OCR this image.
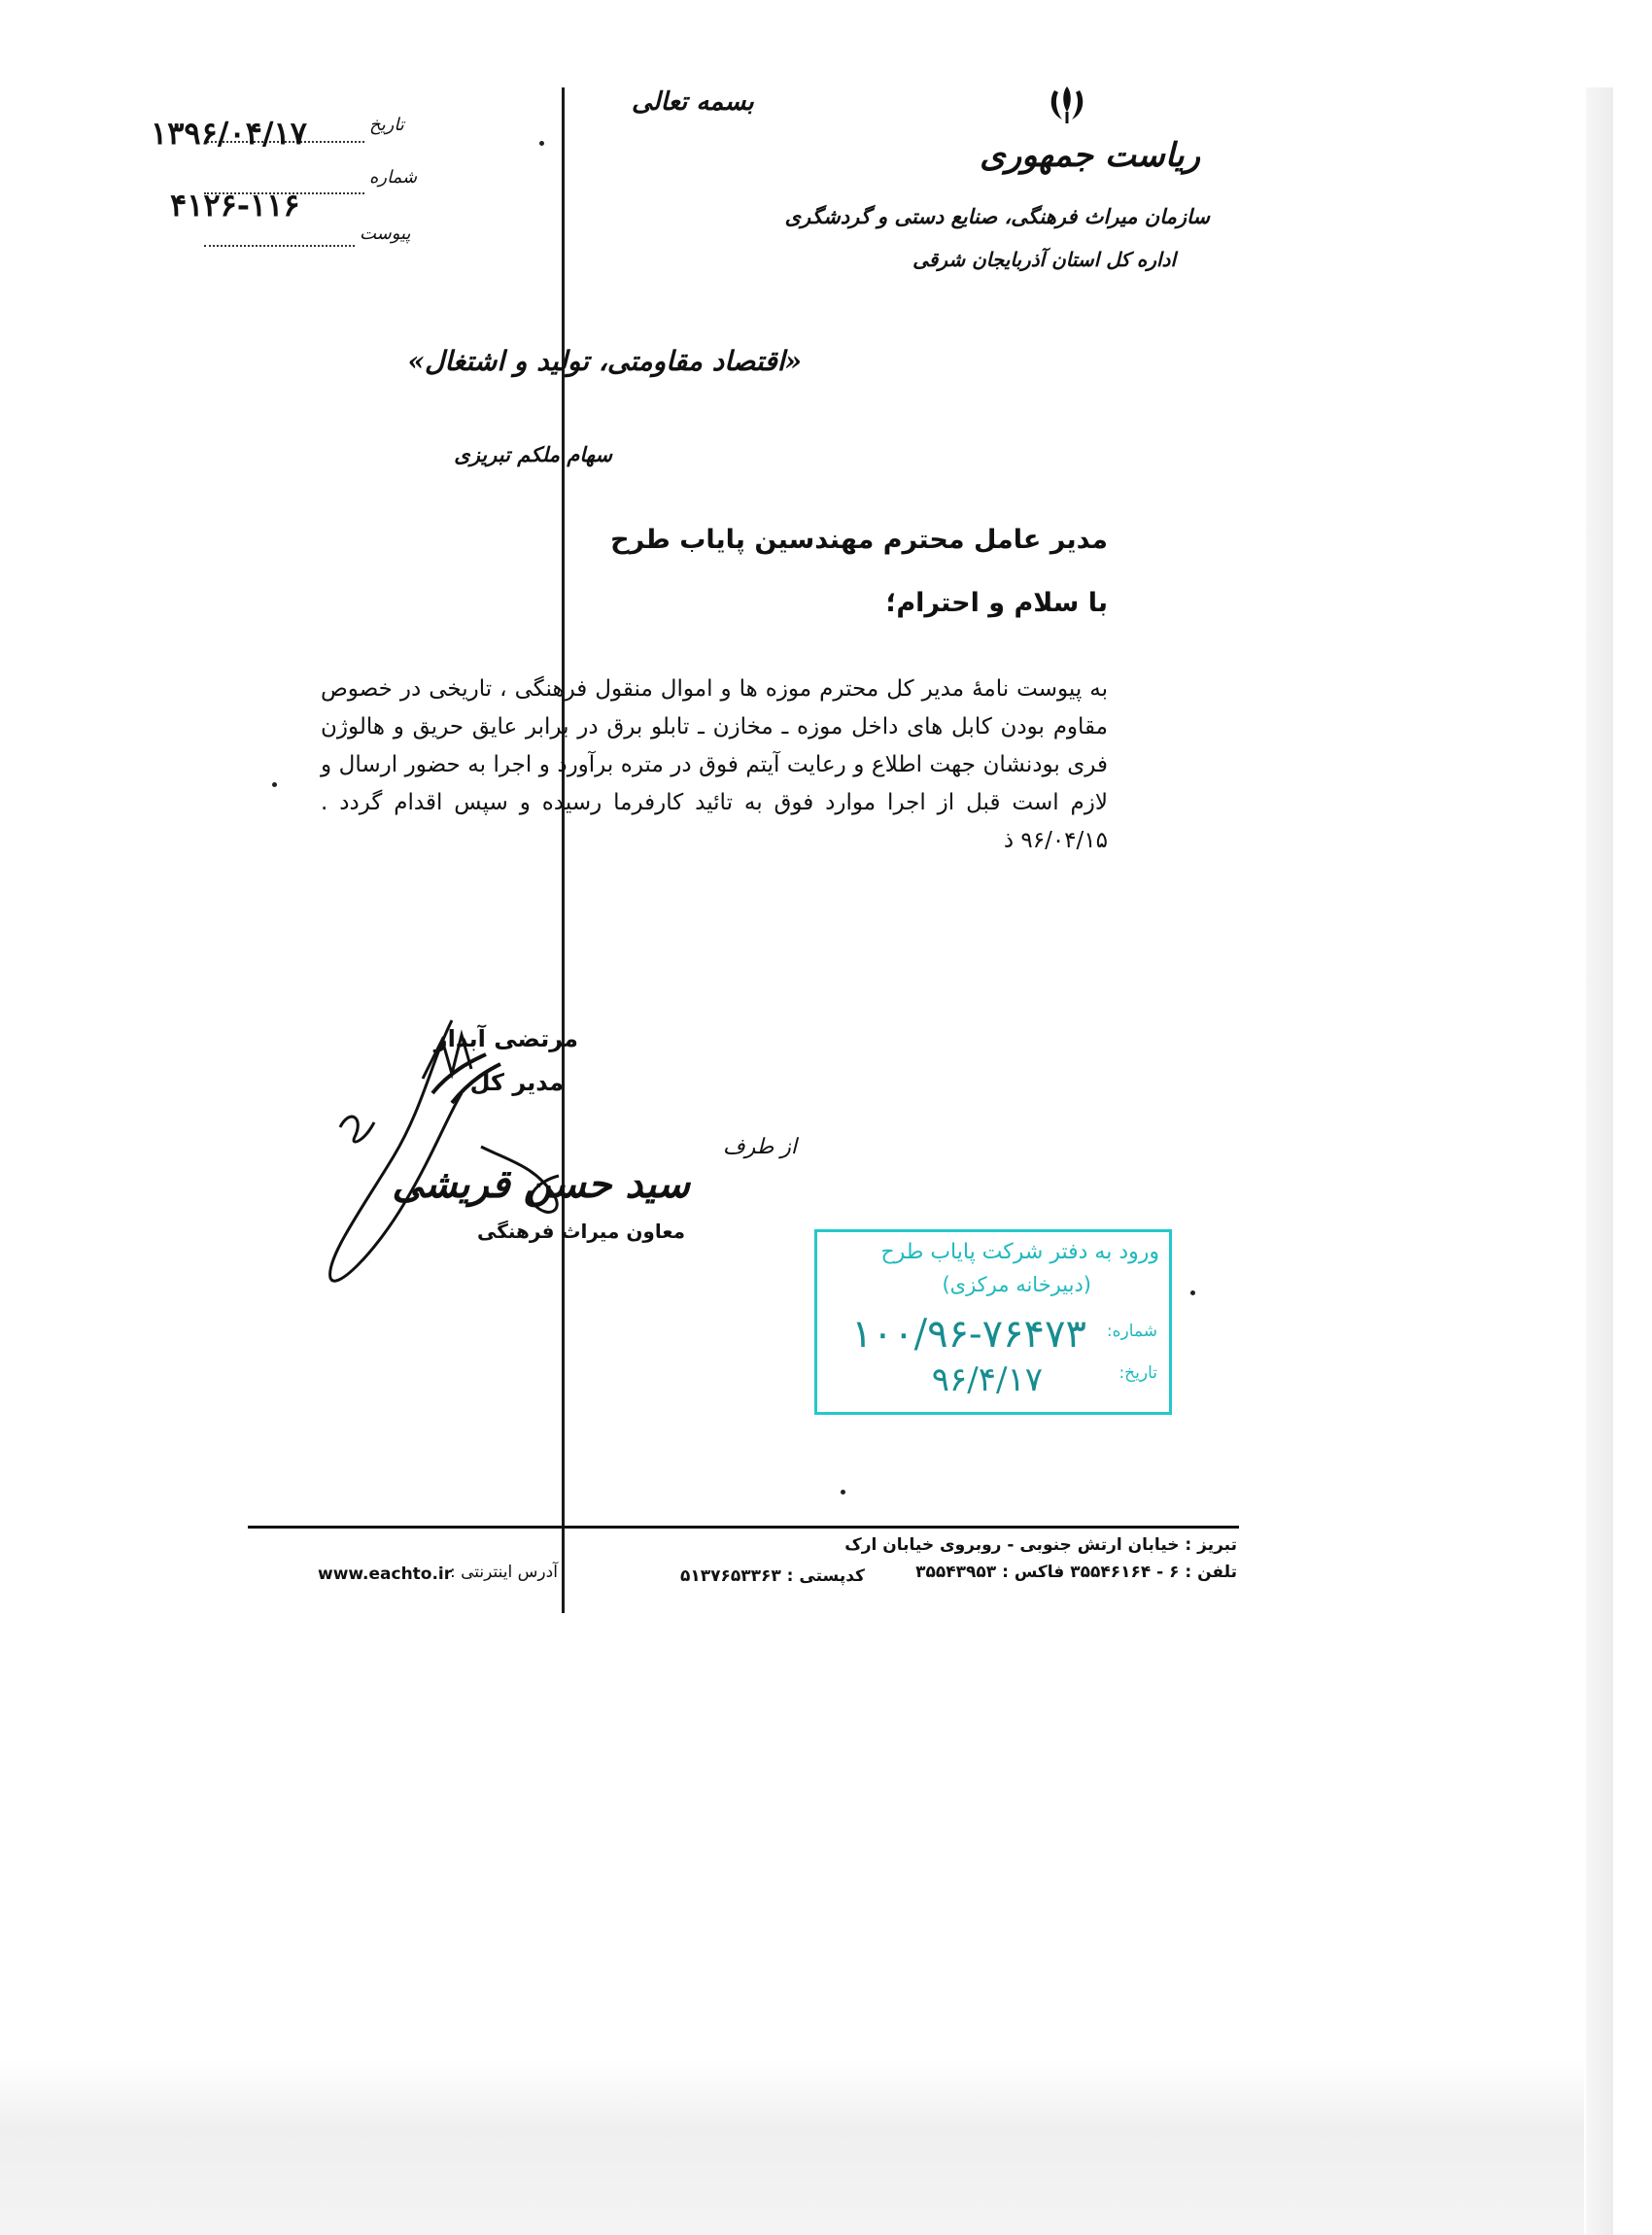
بسمه تعالی
ریاست جمهوری
سازمان میراث فرهنگی، صنایع دستی و گردشگری
اداره کل استان آذربایجان شرقی
تاریخ
۱۳۹۶/۰۴/۱۷
شماره
۴۱۲۶-۱۱۶
پیوست
«اقتصاد مقاومتی، تولید و اشتغال»
سهام ملکم تبریزی
مدیر عامل محترم مهندسین پایاب طرح
با سلام و احترام؛
به پیوست نامهٔ مدیر کل محترم موزه ها و اموال منقول فرهنگی ، تاریخی در خصوص مقاوم بودن کابل های داخل موزه ـ مخازن ـ تابلو برق در برابر عایق حریق و هالوژن فری بودنشان جهت اطلاع و رعایت آیتم فوق در متره برآورد و اجرا به حضور ارسال و لازم است قبل از اجرا موارد فوق به تائید کارفرما رسیده و سپس اقدام گردد . ۹۶/۰۴/۱۵ ذ
مرتضی آبدار
مدیر کل
از طرف
سید حسن قریشی
معاون میراث فرهنگی
ورود به دفتر شرکت پایاب طرح
(دبیرخانه مرکزی)
شماره:
۱۰۰/۹۶-۷۶۴۷۳
تاریخ:
۹۶/۴/۱۷
تبریز : خیابان ارتش جنوبی - روبروی خیابان ارک
تلفن : ۶ - ۳۵۵۴۶۱۶۴ فاکس : ۳۵۵۴۳۹۵۳
کدپستی : ۵۱۳۷۶۵۳۳۶۳
آدرس اینترنتی :
www.eachto.ir
